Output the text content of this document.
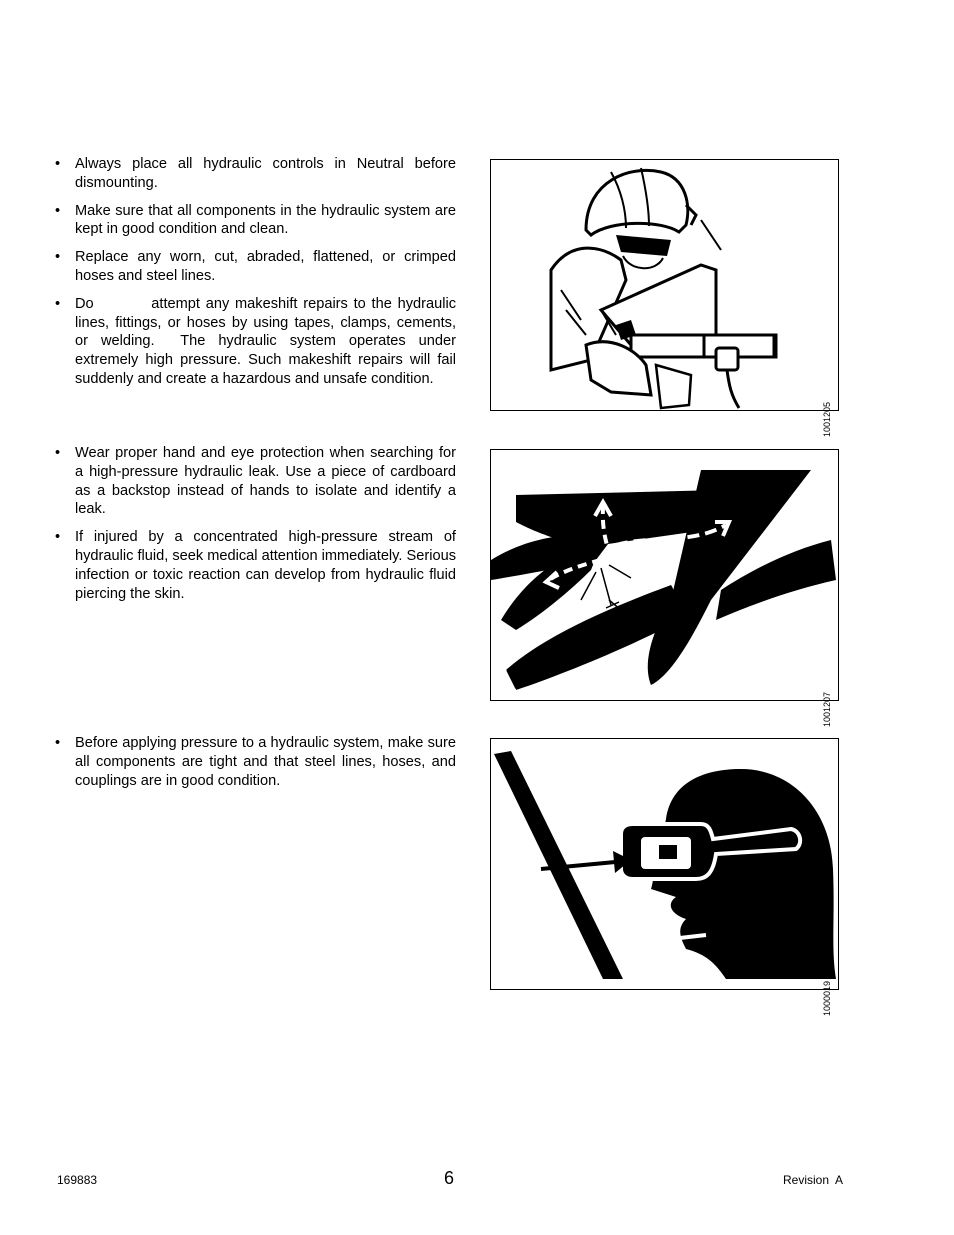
• Always place all hydraulic controls in Neutral before dismounting.
• Make sure that all components in the hydraulic system are kept in good condition and clean.
• Replace any worn, cut, abraded, flattened, or crimped hoses and steel lines.
• Do          attempt any makeshift repairs to the hydraulic lines, fittings, or hoses by using tapes, clamps, cements, or welding.  The hydraulic system operates under extremely high pressure. Such makeshift repairs will fail suddenly and create a hazardous and unsafe condition.
1001205
• Wear proper hand and eye protection when searching for a high-pressure hydraulic leak. Use a piece of cardboard as a backstop instead of hands to isolate and identify a leak.
• If injured by a concentrated high-pressure stream of hydraulic fluid, seek medical attention immediately. Serious infection or toxic reaction can develop from hydraulic fluid piercing the skin.
1001207
• Before applying pressure to a hydraulic system, make sure all components are tight and that steel lines, hoses, and couplings are in good condition.
1000019
169883	6	Revision  A
